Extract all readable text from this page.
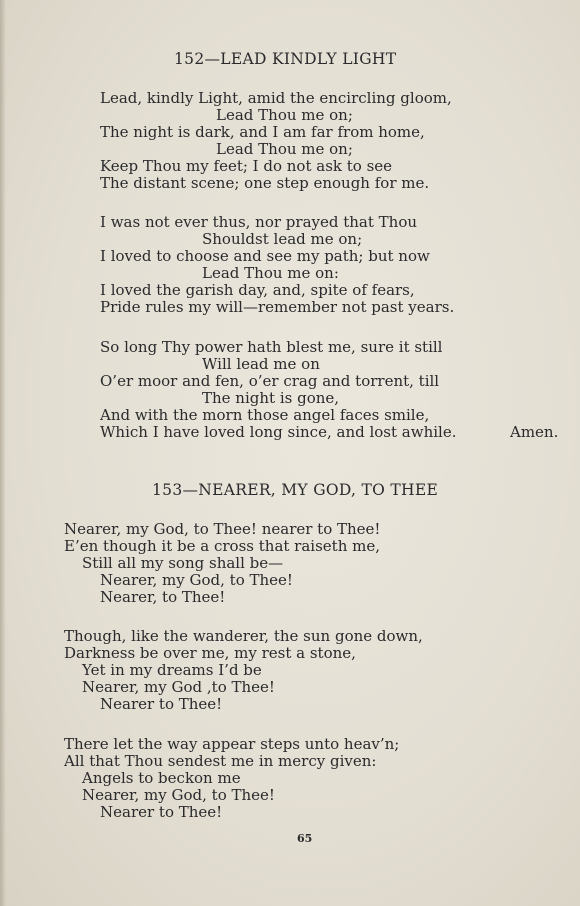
152—LEAD KINDLY LIGHT
Lead, kindly Light, amid the encircling gloom,
Lead Thou me on;
The night is dark, and I am far from home,
Lead Thou me on;
Keep Thou my feet; I do not ask to see
The distant scene; one step enough for me.
I was not ever thus, nor prayed that Thou
Shouldst lead me on;
I loved to choose and see my path; but now
Lead Thou me on:
I loved the garish day, and, spite of fears,
Pride rules my will—remember not past years.
So long Thy power hath blest me, sure it still
Will lead me on
O’er moor and fen, o’er crag and torrent, till
The night is gone,
And with the morn those angel faces smile,
Which I have loved long since, and lost awhile.	Amen.
153—NEARER, MY GOD, TO THEE
Nearer, my God, to Thee! nearer to Thee!
E’en though it be a cross that raiseth me,
Still all my song shall be—
Nearer, my God, to Thee!
Nearer, to Thee!
Though, like the wanderer, the sun gone down,
Darkness be over me, my rest a stone,
Yet in my dreams I’d be
Nearer, my God ,to Thee!
Nearer to Thee!
There let the way appear steps unto heav’n;
All that Thou sendest me in mercy given:
Angels to beckon me
Nearer, my God, to Thee!
Nearer to Thee!
65
